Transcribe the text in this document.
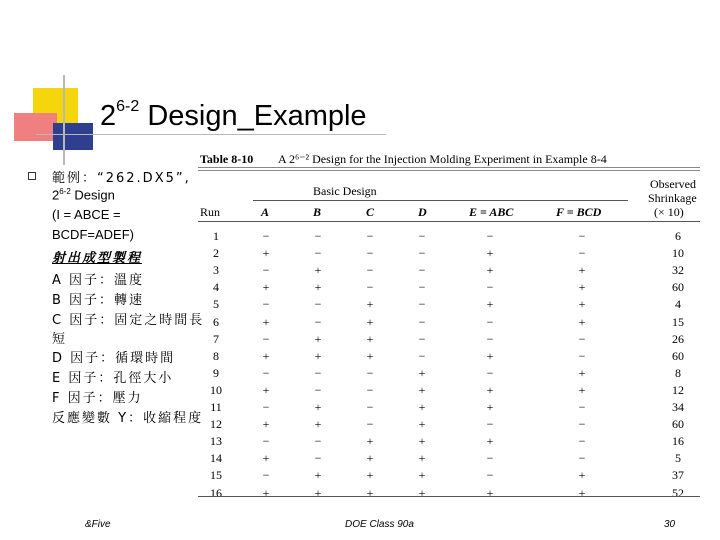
2$^{6-2}$ Design_Example
範例：“262.DX5”,
2$^{6-2}$ Design
(I = ABCE =
BCDF=ADEF)
射出成型製程
A 因子：溫度
B 因子：轉速
C 因子：固定之時間長
短
D 因子：循環時間
E 因子：孔徑大小
F 因子：壓力
反應變數 Y：收縮程度
Table 8-10 A 2⁶⁻² Design for the Injection Molding Experiment in Example 8-4
Basic Design	Observed
Shrinkage
(× 10)
Run	A	B	C	D	E = ABC	F = BCD
1	−	−	−	−	−	−	6
2	+	−	−	−	+	−	10
3	−	+	−	−	+	+	32
4	+	+	−	−	−	+	60
5	−	−	+	−	+	+	4
6	+	−	+	−	−	+	15
7	−	+	+	−	−	−	26
8	+	+	+	−	+	−	60
9	−	−	−	+	−	+	8
10	+	−	−	+	+	+	12
11	−	+	−	+	+	−	34
12	+	+	−	+	−	−	60
13	−	−	+	+	+	−	16
14	+	−	+	+	−	−	5
15	−	+	+	+	−	+	37
16	+	+	+	+	+	+	52
&Five	DOE Class 90a	30
